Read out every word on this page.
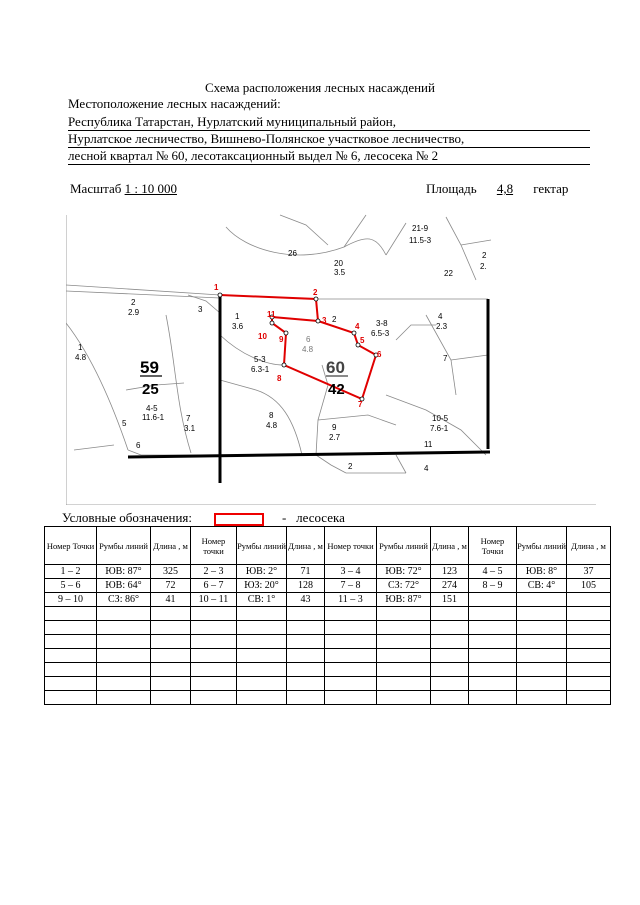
Схема расположения лесных насаждений
Местоположение лесных насаждений:
Республика Татарстан, Нурлатский муниципальный район,
Нурлатское лесничество, Вишнево-Полянское участковое лесничество,
лесной квартал № 60, лесотаксационный выдел № 6, лесосека № 2
Масштаб 1 : 10 000	Площадь 4,8 гектар
1
2
3
4
5
6
7
8
9
10
11
59
25
60
42
26
20
3.5
21-9
11.5-3
22
2
2.
2
2.9	3
1
3.6
2	3-8
6.5-3
4
2.3
1
4.8
6
4.8
5-3
6.3-1
7
4-5
11.6-1	7
3.1
5
6
8
4.8	9
2.7
10-5
7.6-1
11
2	4
Условные обозначения:	- лесосека
Номер Точки	Румбы линий	Длина , м	Номер точки	Румбы линий	Длина , м	Номер точки	Румбы линий	Длина , м	Номер Точки	Румбы линий	Длина , м
1 – 2	ЮВ: 87°	325	2 – 3	ЮВ: 2°	71	3 – 4	ЮВ: 72°	123	4 – 5	ЮВ: 8°	37
5 – 6	ЮВ: 64°	72	6 – 7	ЮЗ: 20°	128	7 – 8	СЗ: 72°	274	8 – 9	СВ: 4°	105
9 – 10	СЗ: 86°	41	10 – 11	СВ: 1°	43	11 – 3	ЮВ: 87°	151			
